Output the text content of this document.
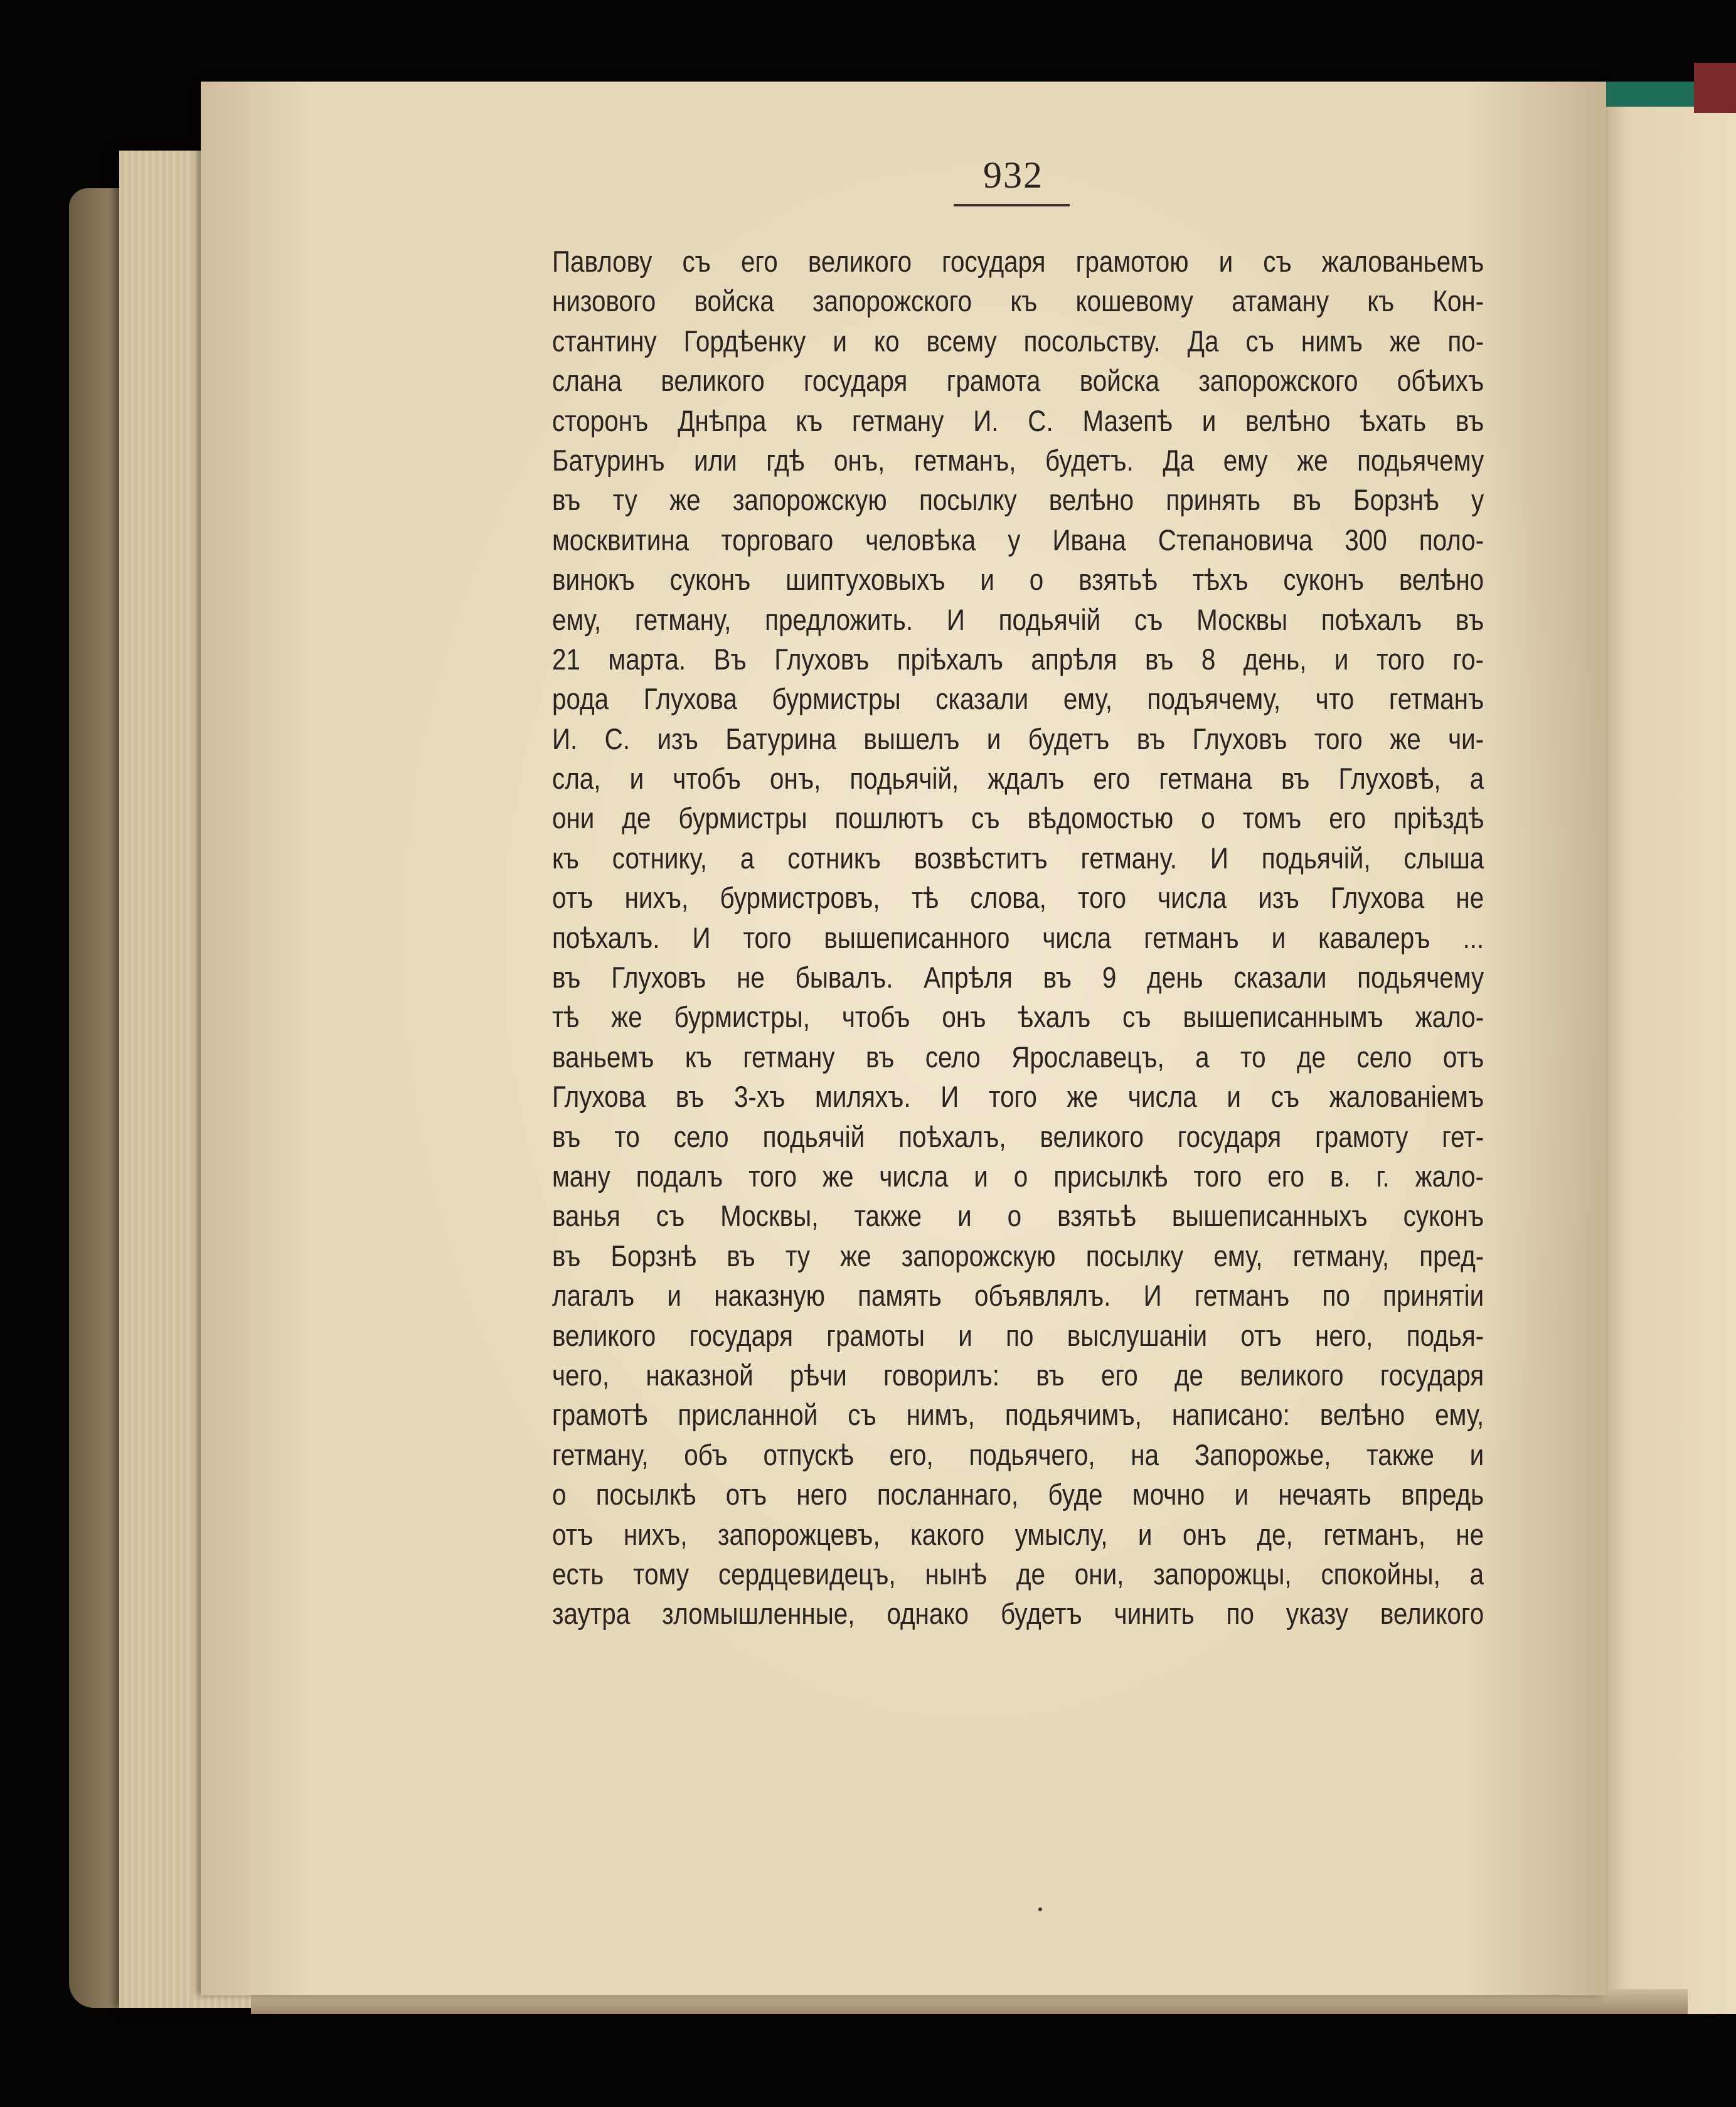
932
Павлову съ его великого государя грамотою и съ жалованьемъ
низового войска запорожского къ кошевому атаману къ Кон-
стантину Гордѣенку и ко всему посольству. Да съ нимъ же по-
слана великого государя грамота войска запорожского обѣихъ
сторонъ Днѣпра къ гетману И. С. Мазепѣ и велѣно ѣхать въ
Батуринъ или гдѣ онъ, гетманъ, будетъ. Да ему же подьячему
въ ту же запорожскую посылку велѣно принять въ Борзнѣ у
москвитина торговаго человѣка у Ивана Степановича 300 поло-
винокъ суконъ шиптуховыхъ и о взятьѣ тѣхъ суконъ велѣно
ему, гетману, предложить. И подьячій съ Москвы поѣхалъ въ
21 марта. Въ Глуховъ пріѣхалъ апрѣля въ 8 день, и того го-
рода Глухова бурмистры сказали ему, подъячему, что гетманъ
И. С. изъ Батурина вышелъ и будетъ въ Глуховъ того же чи-
сла, и чтобъ онъ, подьячій, ждалъ его гетмана въ Глуховѣ, а
они де бурмистры пошлютъ съ вѣдомостью о томъ его пріѣздѣ
къ сотнику, а сотникъ возвѣститъ гетману. И подьячій, слыша
отъ нихъ, бурмистровъ, тѣ слова, того числа изъ Глухова не
поѣхалъ. И того вышеписанного числа гетманъ и кавалеръ ...
въ Глуховъ не бывалъ. Апрѣля въ 9 день сказали подьячему
тѣ же бурмистры, чтобъ онъ ѣхалъ съ вышеписаннымъ жало-
ваньемъ къ гетману въ село Ярославецъ, а то де село отъ
Глухова въ 3-хъ миляхъ. И того же числа и съ жалованіемъ
въ то село подьячій поѣхалъ, великого государя грамоту гет-
ману подалъ того же числа и о присылкѣ того его в. г. жало-
ванья съ Москвы, также и о взятьѣ вышеписанныхъ суконъ
въ Борзнѣ въ ту же запорожскую посылку ему, гетману, пред-
лагалъ и наказную память объявлялъ. И гетманъ по принятіи
великого государя грамоты и по выслушаніи отъ него, подья-
чего, наказной рѣчи говорилъ: въ его де великого государя
грамотѣ присланной съ нимъ, подьячимъ, написано: велѣно ему,
гетману, объ отпускѣ его, подьячего, на Запорожье, также и
о посылкѣ отъ него посланнаго, буде мочно и нечаять впредь
отъ нихъ, запорожцевъ, какого умыслу, и онъ де, гетманъ, не
есть тому сердцевидецъ, нынѣ де они, запорожцы, спокойны, а
заутра зломышленные, однако будетъ чинить по указу великого
